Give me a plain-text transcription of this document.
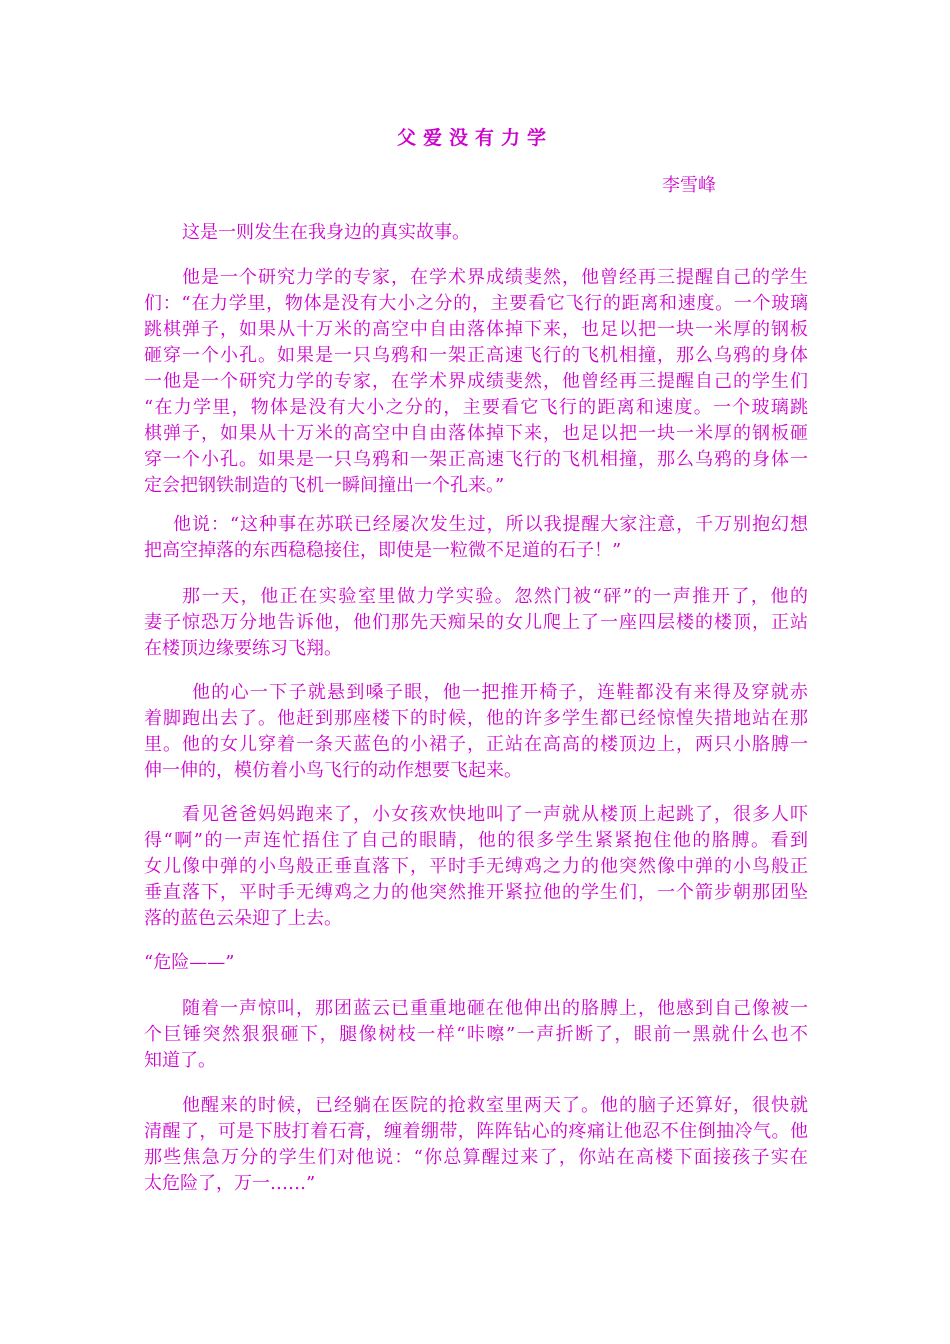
父爱没有力学
李雪峰
这是一则发生在我身边的真实故事。
他是一个研究力学的专家，在学术界成绩斐然，他曾经再三提醒自己的学生
们：“在力学里，物体是没有大小之分的，主要看它飞行的距离和速度。一个玻璃
跳棋弹子，如果从十万米的高空中自由落体掉下来，也足以把一块一米厚的钢板
砸穿一个小孔。如果是一只乌鸦和一架正高速飞行的飞机相撞，那么乌鸦的身体
一他是一个研究力学的专家，在学术界成绩斐然，他曾经再三提醒自己的学生们
“在力学里，物体是没有大小之分的，主要看它飞行的距离和速度。一个玻璃跳
棋弹子，如果从十万米的高空中自由落体掉下来，也足以把一块一米厚的钢板砸
穿一个小孔。如果是一只乌鸦和一架正高速飞行的飞机相撞，那么乌鸦的身体一
定会把钢铁制造的飞机一瞬间撞出一个孔来。”
他说：“这种事在苏联已经屡次发生过，所以我提醒大家注意，千万别抱幻想
把高空掉落的东西稳稳接住，即使是一粒微不足道的石子！”
那一天，他正在实验室里做力学实验。忽然门被“砰”的一声推开了，他的
妻子惊恐万分地告诉他，他们那先天痴呆的女儿爬上了一座四层楼的楼顶，正站
在楼顶边缘要练习飞翔。
他的心一下子就悬到嗓子眼，他一把推开椅子，连鞋都没有来得及穿就赤
着脚跑出去了。他赶到那座楼下的时候，他的许多学生都已经惊惶失措地站在那
里。他的女儿穿着一条天蓝色的小裙子，正站在高高的楼顶边上，两只小胳膊一
伸一伸的，模仿着小鸟飞行的动作想要飞起来。
看见爸爸妈妈跑来了，小女孩欢快地叫了一声就从楼顶上起跳了，很多人吓
得“啊”的一声连忙捂住了自己的眼睛，他的很多学生紧紧抱住他的胳膊。看到
女儿像中弹的小鸟般正垂直落下，平时手无缚鸡之力的他突然像中弹的小鸟般正
垂直落下，平时手无缚鸡之力的他突然推开紧拉他的学生们，一个箭步朝那团坠
落的蓝色云朵迎了上去。
“危险——”
随着一声惊叫，那团蓝云已重重地砸在他伸出的胳膊上，他感到自己像被一
个巨锤突然狠狠砸下，腿像树枝一样“咔嚓”一声折断了，眼前一黑就什么也不
知道了。
他醒来的时候，已经躺在医院的抢救室里两天了。他的脑子还算好，很快就
清醒了，可是下肢打着石膏，缠着绷带，阵阵钻心的疼痛让他忍不住倒抽冷气。他
那些焦急万分的学生们对他说：“你总算醒过来了，你站在高楼下面接孩子实在
太危险了，万一……”
